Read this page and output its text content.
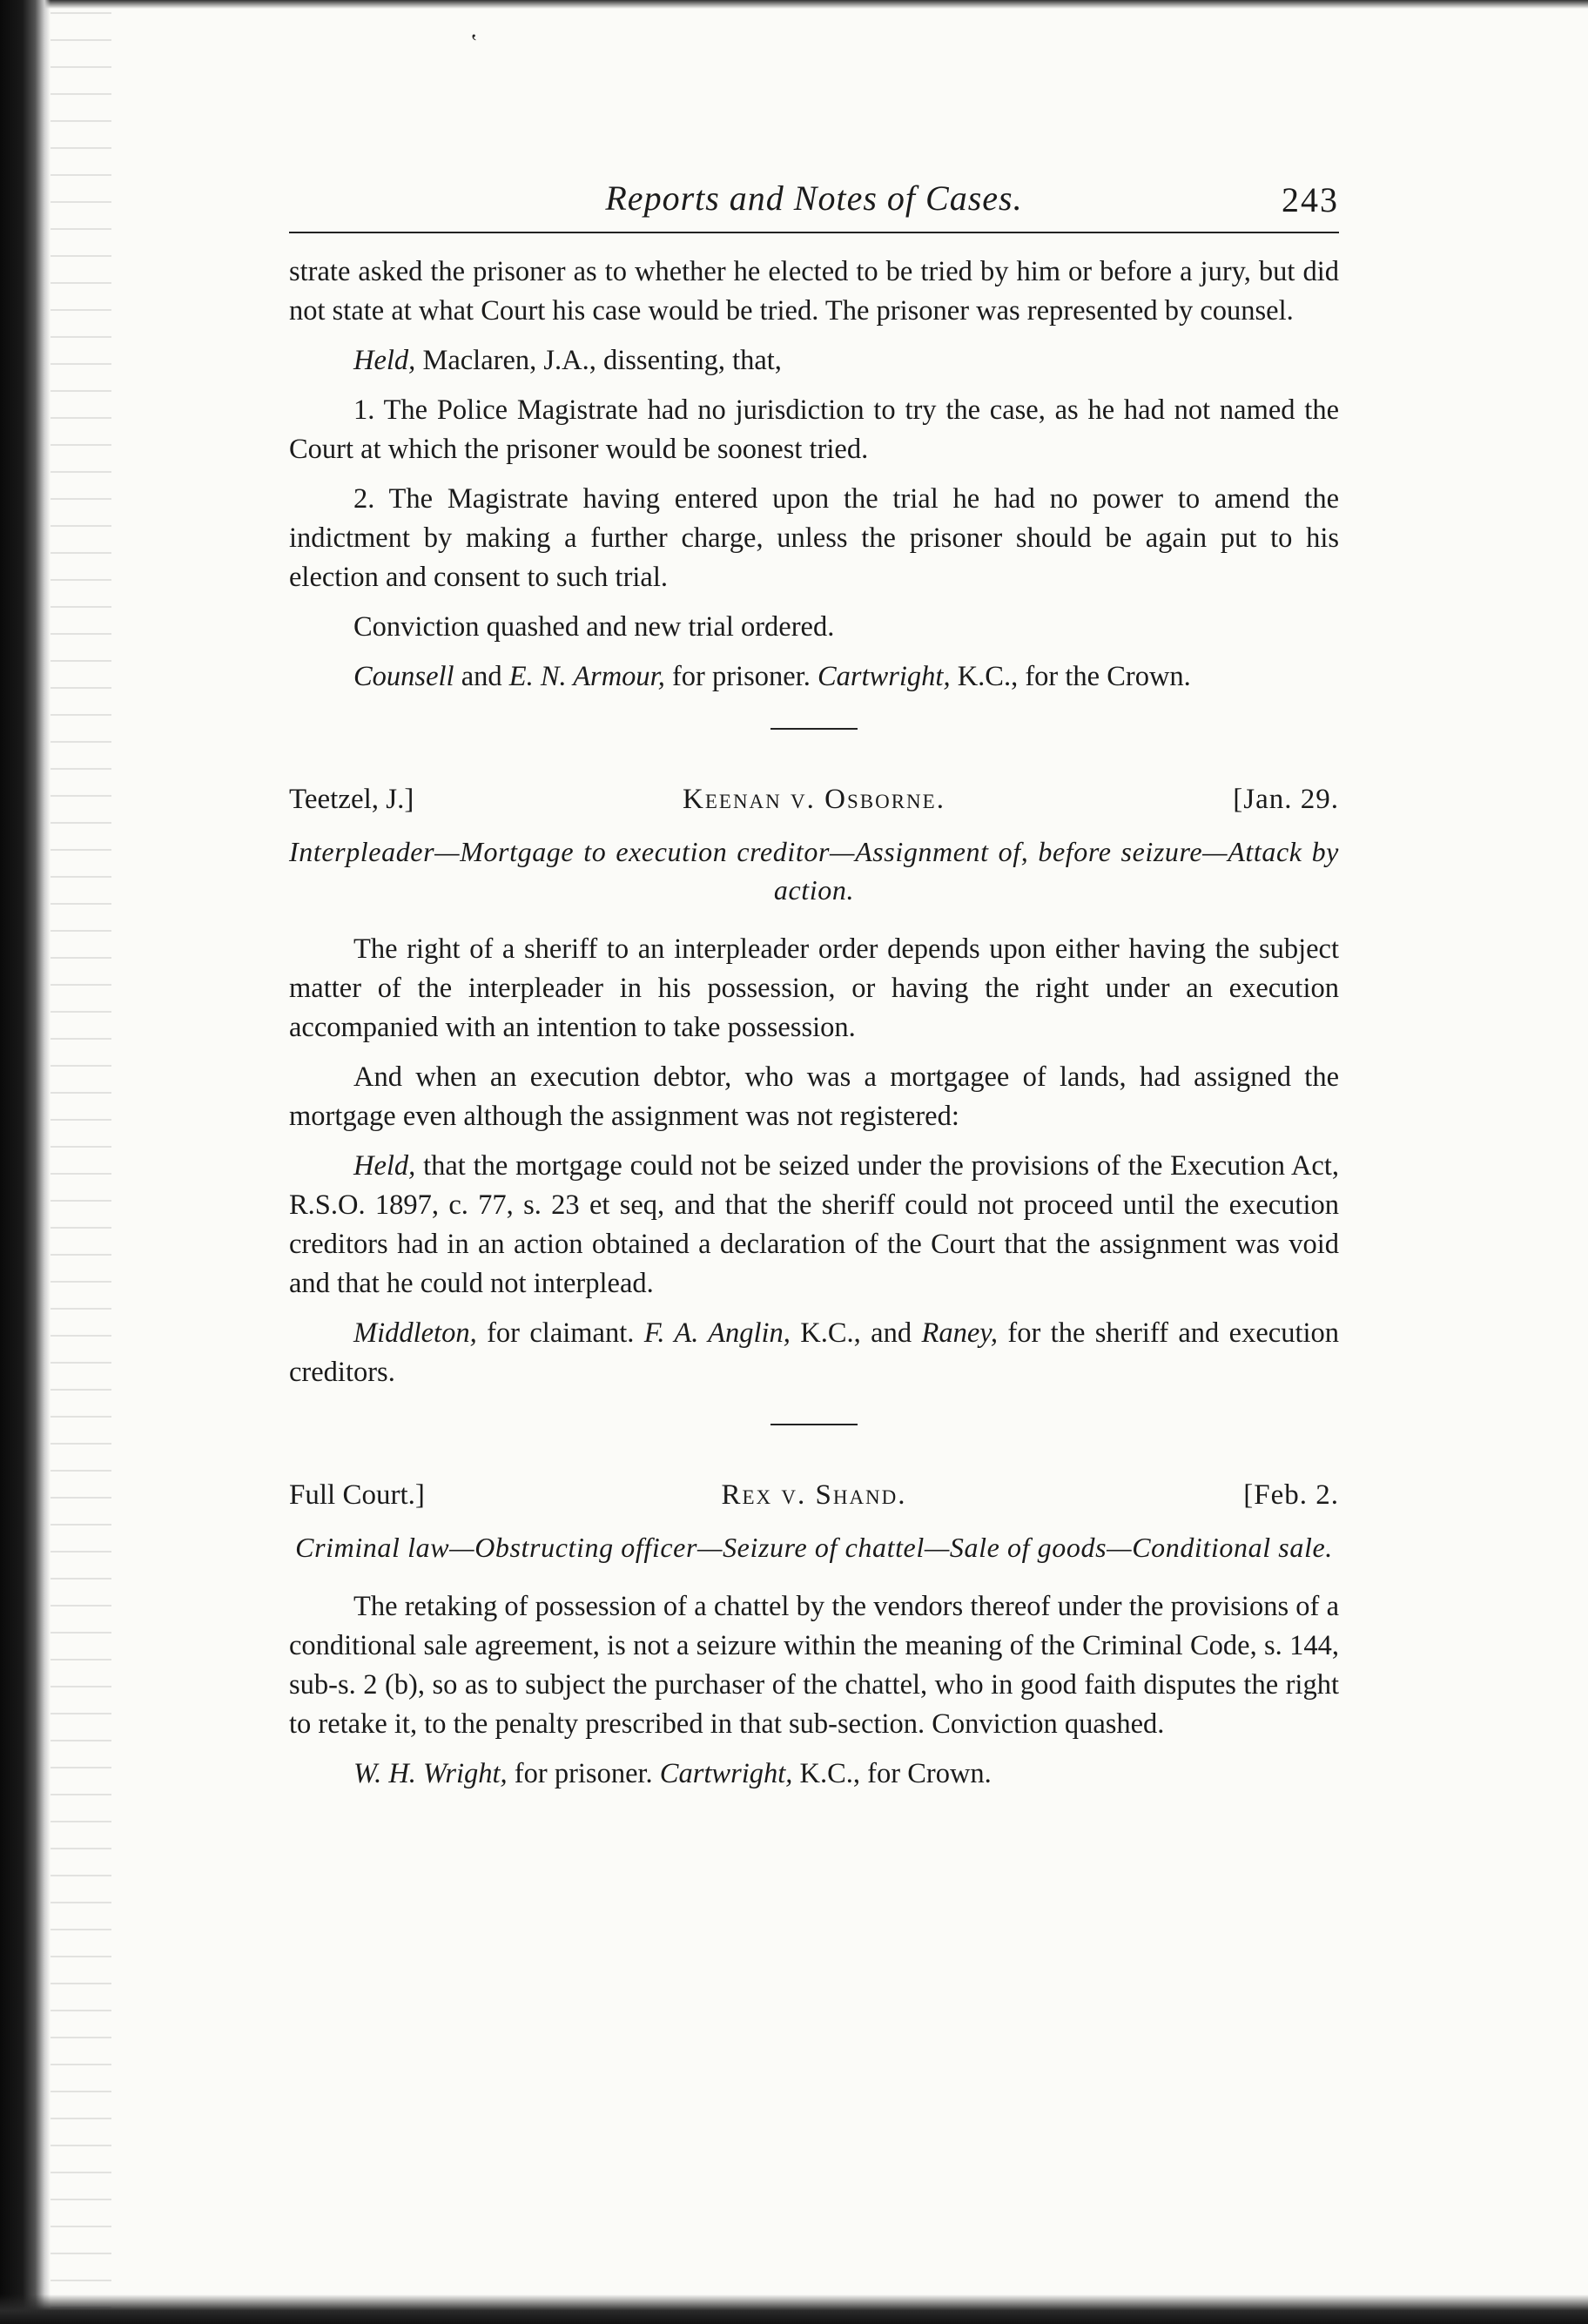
‛
Reports and Notes of Cases.	243

strate asked the prisoner as to whether he elected to be tried by him or before a jury, but did not state at what Court his case would be tried. The prisoner was represented by counsel.

Held, Maclaren, J.A., dissenting, that,

1. The Police Magistrate had no jurisdiction to try the case, as he had not named the Court at which the prisoner would be soonest tried.

2. The Magistrate having entered upon the trial he had no power to amend the indictment by making a further charge, unless the prisoner should be again put to his election and consent to such trial.

Conviction quashed and new trial ordered.

Counsell and E. N. Armour, for prisoner. Cartwright, K.C., for the Crown.

Teetzel, J.]	Keenan v. Osborne.	[Jan. 29.

Interpleader—Mortgage to execution creditor—Assignment of, before seizure—Attack by action.

The right of a sheriff to an interpleader order depends upon either having the subject matter of the interpleader in his possession, or having the right under an execution accompanied with an intention to take possession.

And when an execution debtor, who was a mortgagee of lands, had assigned the mortgage even although the assignment was not registered:

Held, that the mortgage could not be seized under the provisions of the Execution Act, R.S.O. 1897, c. 77, s. 23 et seq, and that the sheriff could not proceed until the execution creditors had in an action obtained a declaration of the Court that the assignment was void and that he could not interplead.

Middleton, for claimant. F. A. Anglin, K.C., and Raney, for the sheriff and execution creditors.

Full Court.]	Rex v. Shand.	[Feb. 2.

Criminal law—Obstructing officer—Seizure of chattel—Sale of goods—Conditional sale.

The retaking of possession of a chattel by the vendors thereof under the provisions of a conditional sale agreement, is not a seizure within the meaning of the Criminal Code, s. 144, sub-s. 2 (b), so as to subject the purchaser of the chattel, who in good faith disputes the right to retake it, to the penalty prescribed in that sub-section. Conviction quashed.

W. H. Wright, for prisoner. Cartwright, K.C., for Crown.
